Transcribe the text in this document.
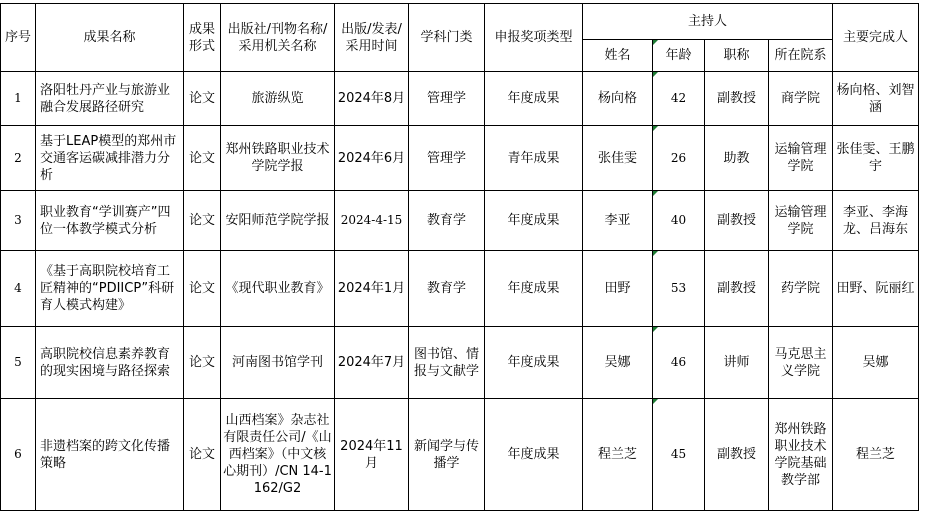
序号	成果名称	成果形式	出版社/刊物名称/采用机关名称	出版/发表/采用时间	学科门类	申报奖项类型	主持人				主要完成人
							姓名	年龄	职称	所在院系	
1	洛阳牡丹产业与旅游业融合发展路径研究	论文	旅游纵览	2024年8月	管理学	年度成果	杨向格	42	副教授	商学院	杨向格、刘智涵
2	基于LEAP模型的郑州市交通客运碳减排潜力分析	论文	郑州铁路职业技术学院学报	2024年6月	管理学	青年成果	张佳雯	26	助教	运输管理学院	张佳雯、王鹏宇
3	职业教育“学训赛产”四位一体教学模式分析	论文	安阳师范学院学报	2024-4-15	教育学	年度成果	李亚	40	副教授	运输管理学院	李亚、李海龙、吕海东
4	《基于高职院校培育工匠精神的“PDIICP”科研育人模式构建》	论文	《现代职业教育》	2024年1月	教育学	年度成果	田野	53	副教授	药学院	田野、阮丽红
5	高职院校信息素养教育的现实困境与路径探索	论文	河南图书馆学刊	2024年7月	图书馆、情报与文献学	年度成果	吴娜	46	讲师	马克思主义学院	吴娜
6	非遗档案的跨文化传播策略	论文	山西档案》杂志社有限责任公司/《山西档案》（中文核心期刊）/CN 14-1162/G2	2024年11月	新闻学与传播学	年度成果	程兰芝	45	副教授	郑州铁路职业技术学院基础教学部	程兰芝
